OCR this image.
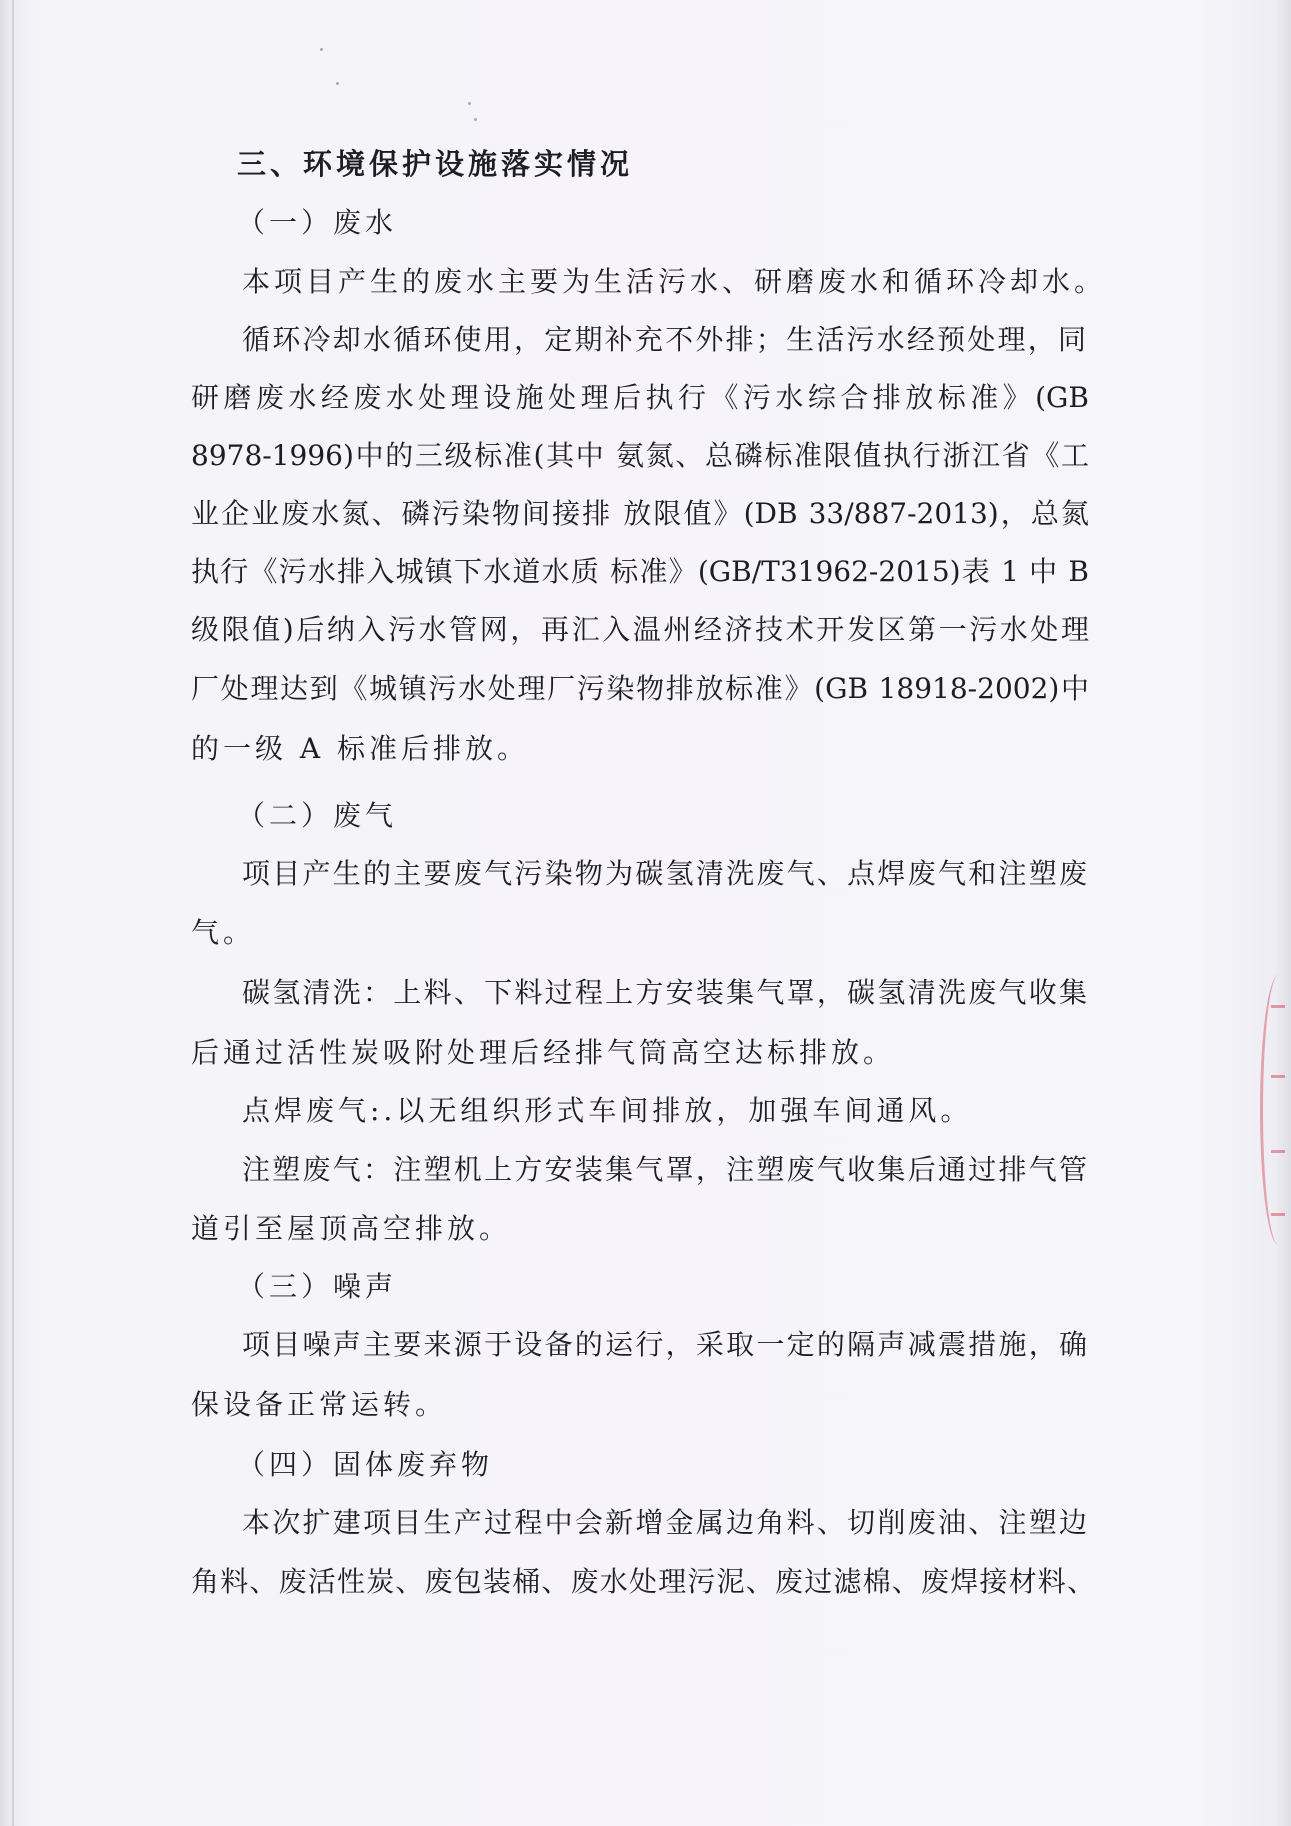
三、环境保护设施落实情况
（一）废水
本项目产生的废水主要为生活污水、研磨废水和循环冷却水。
循环冷却水循环使用，定期补充不外排；生活污水经预处理，同
研磨废水经废水处理设施处理后执行《污水综合排放标准》(GB
8978-1996)中的三级标准(其中 氨氮、总磷标准限值执行浙江省《工
业企业废水氮、磷污染物间接排 放限值》(DB 33/887-2013)，总氮
执行《污水排入城镇下水道水质 标准》(GB/T31962-2015)表 1 中 B
级限值)后纳入污水管网，再汇入温州经济技术开发区第一污水处理
厂处理达到《城镇污水处理厂污染物排放标准》(GB 18918-2002)中
的一级 A 标准后排放。
（二）废气
项目产生的主要废气污染物为碳氢清洗废气、点焊废气和注塑废
气。
碳氢清洗：上料、下料过程上方安装集气罩，碳氢清洗废气收集
后通过活性炭吸附处理后经排气筒高空达标排放。
点焊废气:.以无组织形式车间排放，加强车间通风。
注塑废气：注塑机上方安装集气罩，注塑废气收集后通过排气管
道引至屋顶高空排放。
（三）噪声
项目噪声主要来源于设备的运行，采取一定的隔声减震措施，确
保设备正常运转。
（四）固体废弃物
本次扩建项目生产过程中会新增金属边角料、切削废油、注塑边
角料、废活性炭、废包装桶、废水处理污泥、废过滤棉、废焊接材料、
